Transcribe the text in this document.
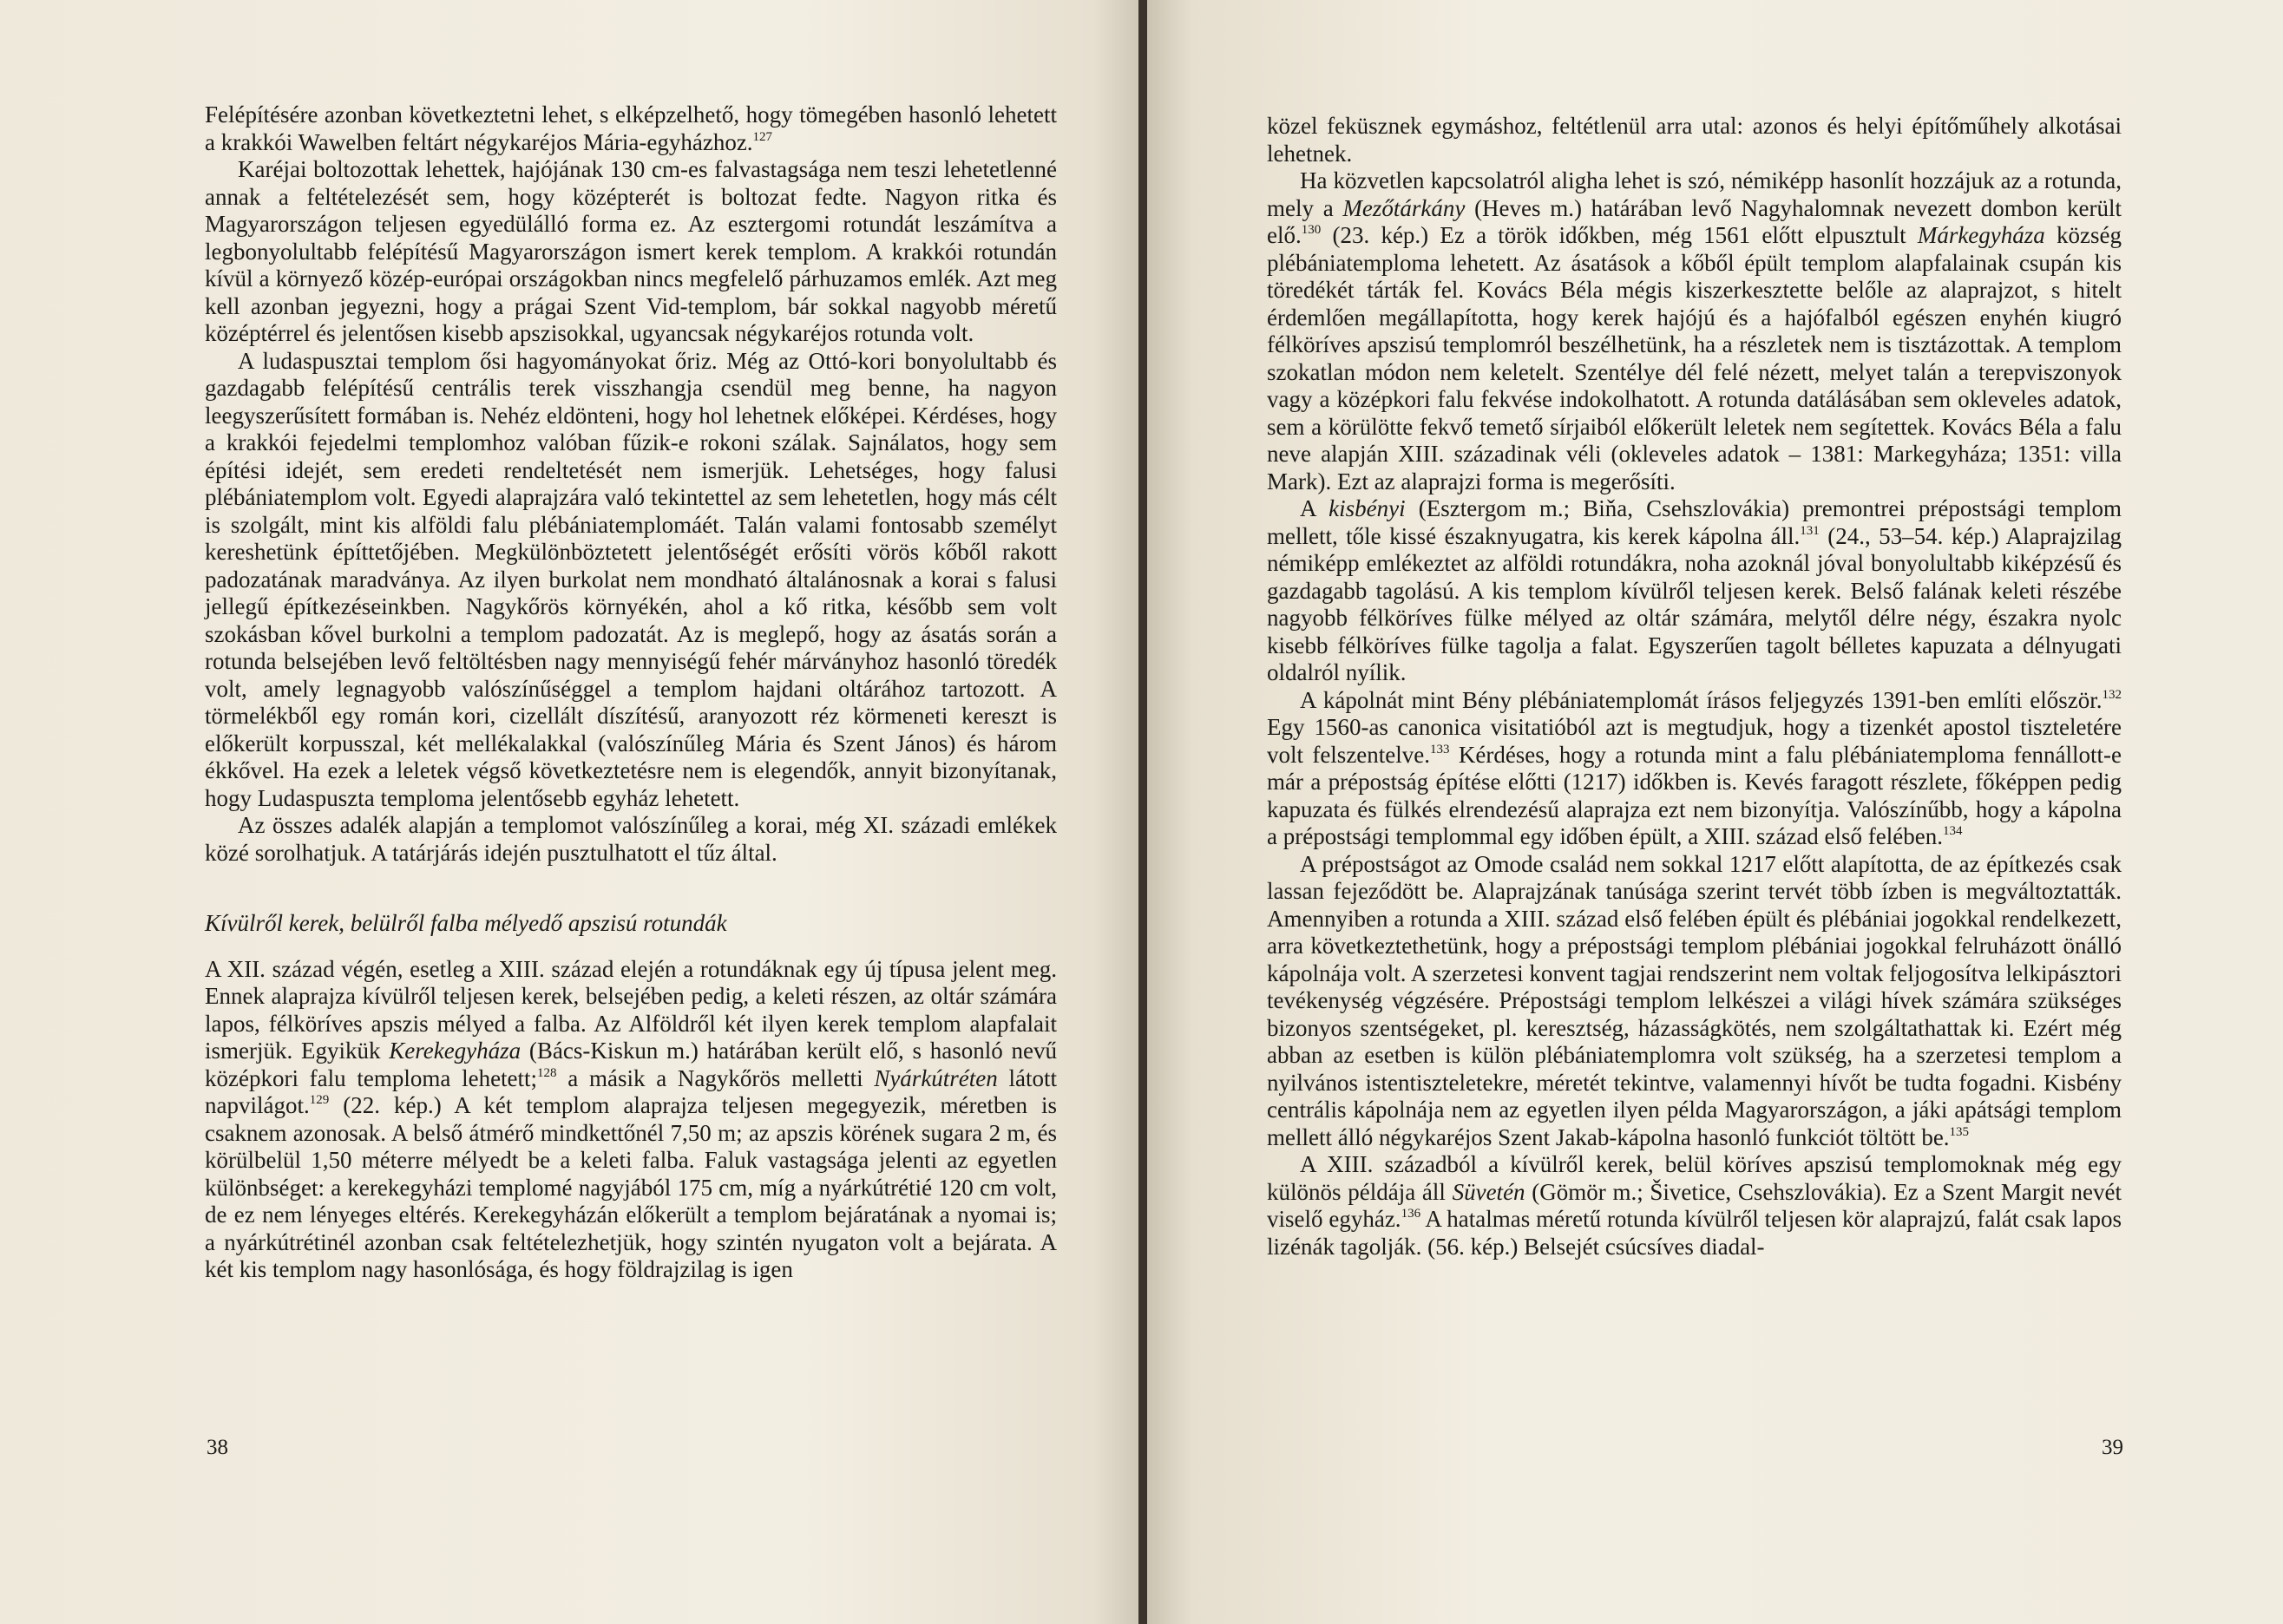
Felépítésére azonban következtetni lehet, s elképzelhető, hogy tömegében hasonló lehetett a krakkói Wawelben feltárt négykaréjos Mária-egyházhoz.$^{127}$

Karéjai boltozottak lehettek, hajójának 130 cm-es falvastagsága nem teszi lehetetlenné annak a feltételezését sem, hogy középterét is boltozat fedte. Nagyon ritka és Magyarországon teljesen egyedülálló forma ez. Az esztergomi rotundát leszámítva a legbonyolultabb felépítésű Magyarországon ismert kerek templom. A krakkói rotundán kívül a környező közép-európai országokban nincs megfelelő párhuzamos emlék. Azt meg kell azonban jegyezni, hogy a prágai Szent Vid-templom, bár sokkal nagyobb méretű középtérrel és jelentősen kisebb apszisokkal, ugyancsak négykaréjos rotunda volt.

A ludaspusztai templom ősi hagyományokat őriz. Még az Ottó-kori bonyolultabb és gazdagabb felépítésű centrális terek visszhangja csendül meg benne, ha nagyon leegyszerűsített formában is. Nehéz eldönteni, hogy hol lehetnek előképei. Kérdéses, hogy a krakkói fejedelmi templomhoz valóban fűzik-e rokoni szálak. Sajnálatos, hogy sem építési idejét, sem eredeti rendeltetését nem ismerjük. Lehetséges, hogy falusi plébániatemplom volt. Egyedi alaprajzára való tekintettel az sem lehetetlen, hogy más célt is szolgált, mint kis alföldi falu plébániatemplomáét. Talán valami fontosabb személyt kereshetünk építtetőjében. Megkülönböztetett jelentőségét erősíti vörös kőből rakott padozatának maradványa. Az ilyen burkolat nem mondható általánosnak a korai s falusi jellegű építkezéseinkben. Nagykőrös környékén, ahol a kő ritka, később sem volt szokásban kővel burkolni a templom padozatát. Az is meglepő, hogy az ásatás során a rotunda belsejében levő feltöltésben nagy mennyiségű fehér márványhoz hasonló töredék volt, amely legnagyobb valószínűséggel a templom hajdani oltárához tartozott. A törmelékből egy román kori, cizellált díszítésű, aranyozott réz körmeneti kereszt is előkerült korpusszal, két mellékalakkal (valószínűleg Mária és Szent János) és három ékkővel. Ha ezek a leletek végső következtetésre nem is elegendők, annyit bizonyítanak, hogy Ludaspuszta temploma jelentősebb egyház lehetett.

Az összes adalék alapján a templomot valószínűleg a korai, még XI. századi emlékek közé sorolhatjuk. A tatárjárás idején pusztulhatott el tűz által.

Kívülről kerek, belülről falba mélyedő apszisú rotundák

A XII. század végén, esetleg a XIII. század elején a rotundáknak egy új típusa jelent meg. Ennek alaprajza kívülről teljesen kerek, belsejében pedig, a keleti részen, az oltár számára lapos, félköríves apszis mélyed a falba. Az Alföldről két ilyen kerek templom alapfalait ismerjük. Egyikük Kerekegyháza (Bács-Kiskun m.) határában került elő, s hasonló nevű középkori falu temploma lehetett;$^{128}$ a másik a Nagykőrös melletti Nyárkútréten látott napvilágot.$^{129}$ (22. kép.) A két templom alaprajza teljesen megegyezik, méretben is csaknem azonosak. A belső átmérő mindkettőnél 7,50 m; az apszis körének sugara 2 m, és körülbelül 1,50 méterre mélyedt be a keleti falba. Faluk vastagsága jelenti az egyetlen különbséget: a kerekegyházi templomé nagyjából 175 cm, míg a nyárkútrétié 120 cm volt, de ez nem lényeges eltérés. Kerekegyházán előkerült a templom bejáratának a nyomai is; a nyárkútrétinél azonban csak feltételezhetjük, hogy szintén nyugaton volt a bejárata. A két kis templom nagy hasonlósága, és hogy földrajzilag is igen

38

közel feküsznek egymáshoz, feltétlenül arra utal: azonos és helyi építőműhely alkotásai lehetnek.

Ha közvetlen kapcsolatról aligha lehet is szó, némiképp hasonlít hozzájuk az a rotunda, mely a Mezőtárkány (Heves m.) határában levő Nagyhalomnak nevezett dombon került elő.$^{130}$ (23. kép.) Ez a török időkben, még 1561 előtt elpusztult Márkegyháza község plébániatemploma lehetett. Az ásatások a kőből épült templom alapfalainak csupán kis töredékét tárták fel. Kovács Béla mégis kiszerkesztette belőle az alaprajzot, s hitelt érdemlően megállapította, hogy kerek hajójú és a hajófalból egészen enyhén kiugró félköríves apszisú templomról beszélhetünk, ha a részletek nem is tisztázottak. A templom szokatlan módon nem keletelt. Szentélye dél felé nézett, melyet talán a terepviszonyok vagy a középkori falu fekvése indokolhatott. A rotunda datálásában sem okleveles adatok, sem a körülötte fekvő temető sírjaiból előkerült leletek nem segítettek. Kovács Béla a falu neve alapján XIII. századinak véli (okleveles adatok – 1381: Markegyháza; 1351: villa Mark). Ezt az alaprajzi forma is megerősíti.

A kisbényi (Esztergom m.; Biňa, Csehszlovákia) premontrei prépostsági templom mellett, tőle kissé északnyugatra, kis kerek kápolna áll.$^{131}$ (24., 53–54. kép.) Alaprajzilag némiképp emlékeztet az alföldi rotundákra, noha azoknál jóval bonyolultabb kiképzésű és gazdagabb tagolású. A kis templom kívülről teljesen kerek. Belső falának keleti részébe nagyobb félköríves fülke mélyed az oltár számára, melytől délre négy, északra nyolc kisebb félköríves fülke tagolja a falat. Egyszerűen tagolt bélletes kapuzata a délnyugati oldalról nyílik.

A kápolnát mint Bény plébániatemplomát írásos feljegyzés 1391-ben említi először.$^{132}$ Egy 1560-as canonica visitatióból azt is megtudjuk, hogy a tizenkét apostol tiszteletére volt felszentelve.$^{133}$ Kérdéses, hogy a rotunda mint a falu plébániatemploma fennállott-e már a prépostság építése előtti (1217) időkben is. Kevés faragott részlete, főképpen pedig kapuzata és fülkés elrendezésű alaprajza ezt nem bizonyítja. Valószínűbb, hogy a kápolna a prépostsági templommal egy időben épült, a XIII. század első felében.$^{134}$

A prépostságot az Omode család nem sokkal 1217 előtt alapította, de az építkezés csak lassan fejeződött be. Alaprajzának tanúsága szerint tervét több ízben is megváltoztatták. Amennyiben a rotunda a XIII. század első felében épült és plébániai jogokkal rendelkezett, arra következtethetünk, hogy a prépostsági templom plébániai jogokkal felruházott önálló kápolnája volt. A szerzetesi konvent tagjai rendszerint nem voltak feljogosítva lelkipásztori tevékenység végzésére. Prépostsági templom lelkészei a világi hívek számára szükséges bizonyos szentségeket, pl. keresztség, házasságkötés, nem szolgáltathattak ki. Ezért még abban az esetben is külön plébániatemplomra volt szükség, ha a szerzetesi templom a nyilvános istentiszteletekre, méretét tekintve, valamennyi hívőt be tudta fogadni. Kisbény centrális kápolnája nem az egyetlen ilyen példa Magyarországon, a jáki apátsági templom mellett álló négykaréjos Szent Jakab-kápolna hasonló funkciót töltött be.$^{135}$

A XIII. századból a kívülről kerek, belül köríves apszisú templomoknak még egy különös példája áll Süvetén (Gömör m.; Šivetice, Csehszlovákia). Ez a Szent Margit nevét viselő egyház.$^{136}$ A hatalmas méretű rotunda kívülről teljesen kör alaprajzú, falát csak lapos lizénák tagolják. (56. kép.) Belsejét csúcsíves diadal-

39
